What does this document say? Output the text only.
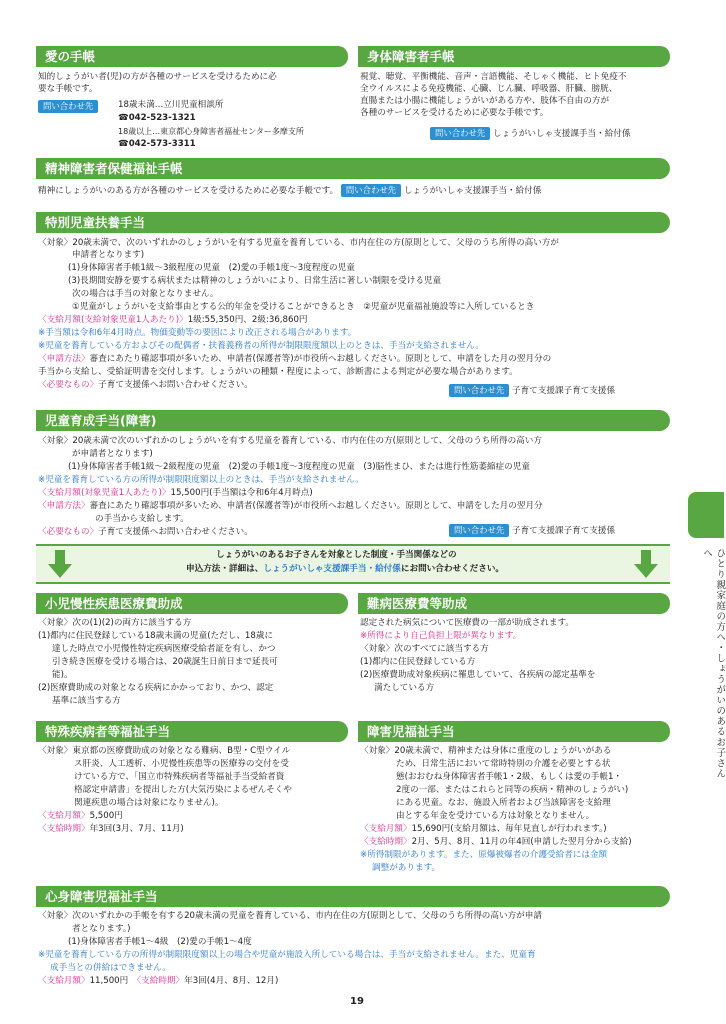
愛の手帳
知的しょうがい者(児)の方が各種のサービスを受けるために必
要な手帳です。
問い合わせ先	18歳未満…立川児童相談所
☎042-523-1321
18歳以上…東京都心身障害者福祉センター多摩支所
☎042-573-3311
身体障害者手帳
視覚、聴覚、平衡機能、音声・言語機能、そしゃく機能、ヒト免疫不
全ウイルスによる免疫機能、心臓、じん臓、呼吸器、肝臓、膀胱、
直腸または小腸に機能しょうがいがある方や、肢体不自由の方が
各種のサービスを受けるために必要な手帳です。
問い合わせ先 しょうがいしゃ支援課手当・給付係
精神障害者保健福祉手帳
精神にしょうがいのある方が各種のサービスを受けるために必要な手帳です。 問い合わせ先 しょうがいしゃ支援課手当・給付係
特別児童扶養手当
〈対象〉20歳未満で、次のいずれかのしょうがいを有する児童を養育している、市内在住の方(原則として、父母のうち所得の高い方が
申請者となります)
(1)身体障害者手帳1級〜3級程度の児童　(2)愛の手帳1度〜3度程度の児童
(3)長期間安静を要する病状または精神のしょうがいにより、日常生活に著しい制限を受ける児童
次の場合は手当の対象となりません。
①児童がしょうがいを支給事由とする公的年金を受けることができるとき　②児童が児童福祉施設等に入所しているとき
〈支給月額(支給対象児童1人あたり)〉1級:55,350円、2級:36,860円
※手当額は令和6年4月時点。物価変動等の要因により改正される場合があります。
※児童を養育している方およびその配偶者・扶養義務者の所得が制限限度額以上のときは、手当が支給されません。
〈申請方法〉審査にあたり確認事項が多いため、申請者(保護者等)が市役所へお越しください。原則として、申請をした月の翌月分の
手当から支給し、受給証明書を交付します。しょうがいの種類・程度によって、診断書による判定が必要な場合があります。
〈必要なもの〉子育て支援係へお問い合わせください。	問い合わせ先 子育て支援課子育て支援係
児童育成手当(障害)
〈対象〉20歳未満で次のいずれかのしょうがいを有する児童を養育している、市内在住の方(原則として、父母のうち所得の高い方
が申請者となります)
(1)身体障害者手帳1級〜2級程度の児童　(2)愛の手帳1度〜3度程度の児童　(3)脳性まひ、または進行性筋萎縮症の児童
※児童を養育している方の所得が制限限度額以上のときは、手当が支給されません。
〈支給月額(対象児童1人あたり)〉15,500円(手当額は令和6年4月時点)
〈申請方法〉審査にあたり確認事項が多いため、申請者(保護者等)が市役所へお越しください。原則として、申請をした月の翌月分
の手当から支給します。
〈必要なもの〉子育て支援係へお問い合わせください。	問い合わせ先 子育て支援課子育て支援係
しょうがいのあるお子さんを対象とした制度・手当関係などの
申込方法・詳細は、しょうがいしゃ支援課手当・給付係にお問い合わせください。
小児慢性疾患医療費助成
〈対象〉次の(1)(2)の両方に該当する方
(1)都内に住民登録している18歳未満の児童(ただし、18歳に
達した時点で小児慢性特定疾病医療受給者証を有し、かつ
引き続き医療を受ける場合は、20歳誕生日前日まで延長可
能)。
(2)医療費助成の対象となる疾病にかかっており、かつ、認定
基準に該当する方
難病医療費等助成
認定された病気について医療費の一部が助成されます。
※所得により自己負担上限が異なります。
〈対象〉次のすべてに該当する方
(1)都内に住民登録している方
(2)医療費助成対象疾病に罹患していて、各疾病の認定基準を
満たしている方
特殊疾病者等福祉手当
〈対象〉東京都の医療費助成の対象となる難病、B型・C型ウイル
ス肝炎、人工透析、小児慢性疾患等の医療券の交付を受
けている方で、「国立市特殊疾病者等福祉手当受給者資
格認定申請書」を提出した方(大気汚染によるぜんそくや
関連疾患の場合は対象になりません)。
〈支給月額〉5,500円
〈支給時期〉年3回(3月、7月、11月)
障害児福祉手当
〈対象〉20歳未満で、精神または身体に重度のしょうがいがある
ため、日常生活において常時特別の介護を必要とする状
態(おおむね身体障害者手帳1・2級、もしくは愛の手帳1・
2度の一部、またはこれらと同等の疾病・精神のしょうがい)
にある児童。なお、施設入所者および当該障害を支給理
由とする年金を受けている方は対象となりません。
〈支給月額〉15,690円(支給月額は、毎年見直しが行われます。)
〈支給時期〉2月、5月、8月、11月の年4回(申請した翌月分から支給)
※所得制限があります。また、原爆被爆者の介護受給者には金額
調整があります。
心身障害児福祉手当
〈対象〉次のいずれかの手帳を有する20歳未満の児童を養育している、市内在住の方(原則として、父母のうち所得の高い方が申請
者となります。)
(1)身体障害者手帳1〜4級　(2)愛の手帳1〜4度
※児童を養育している方の所得が制限限度額以上の場合や児童が施設入所している場合は、手当が支給されません。また、児童育
成手当との併給はできません。
〈支給月額〉11,500円　 〈支給時期〉年3回(4月、8月、12月)
ひとり親家庭の方へ・しょうがいのあるお子さんへ
19
